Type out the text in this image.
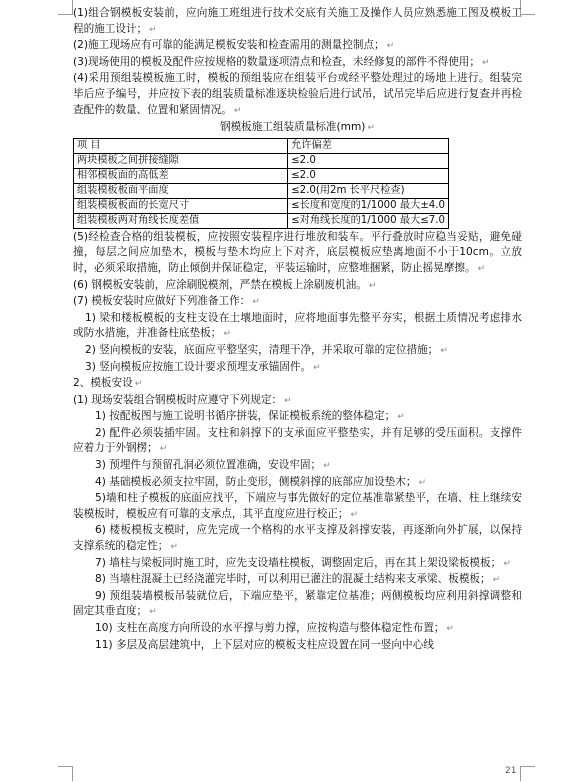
(1)组合钢模板安装前，应向施工班组进行技术交底有关施工及操作人员应熟悉施工图及模板工程的施工设计； ↵

(2)施工现场应有可靠的能满足模板安装和检查需用的测量控制点； ↵

(3)现场使用的模板及配件应按规格的数量逐项清点和检查，未经修复的部件不得使用； ↵

(4)采用预组装模板施工时，模板的预组装应在组装平台或经平整处理过的场地上进行。组装完毕后应予编号，并应按下表的组装质量标准逐块检验后进行试吊，试吊完毕后应进行复查并再检查配件的数量、位置和紧固情况。 ↵

钢模板施工组装质量标准(mm) ↵

项 目	允许偏差
两块模板之间拼接缝隙	≤2.0
相邻模板面的高低差	≤2.0
组装模板板面平面度	≤2.0(用2m 长平尺检查)
组装模板板面的长宽尺寸	≤长度和宽度的1/1000 最大±4.0
组装模板两对角线长度差值	≤对角线长度的1/1000 最大≤7.0

(5)经检查合格的组装模板，应按照安装程序进行堆放和装车。平行叠放时应稳当妥贴，避免碰撞，每层之间应加垫木，模板与垫木均应上下对齐，底层模板应垫离地面不小于10cm。立放时，必须采取措施，防止倾倒并保证稳定，平装运输时，应整堆捆紧，防止摇晃摩擦。 ↵

(6) 钢模板安装前，应涂刷脱模剂，严禁在模板上涂刷废机油。 ↵

(7) 模板安装时应做好下列准备工作： ↵

1) 梁和楼板模板的支柱支设在土壤地面时，应将地面事先整平夯实，根据土质情况考虑排水或防水措施，并准备柱底垫板； ↵

2) 竖向模板的安装，底面应平整坚实，清理干净，并采取可靠的定位措施； ↵

3) 竖向模板应按施工设计要求预埋支承锚固件。 ↵

2、模板安设 ↵

(1) 现场安装组合钢模板时应遵守下列规定： ↵

1) 按配板图与施工说明书循序拼装，保证模板系统的整体稳定； ↵

2) 配件必须装插牢固。支柱和斜撑下的支承面应平整垫实，并有足够的受压面积。支撑件应着力于外钢楞； ↵

3) 预埋件与预留孔洞必须位置准确，安设牢固； ↵

4) 基础模板必须支拉牢固，防止变形，侧模斜撑的底部应加设垫木； ↵

5)墙和柱子模板的底面应找平，下端应与事先做好的定位基准靠紧垫平，在墙、柱上继续安装模板时，模板应有可靠的支承点，其平直度应进行校正； ↵

6) 楼板模板支模时，应先完成一个格构的水平支撑及斜撑安装，再逐渐向外扩展，以保持支撑系统的稳定性； ↵

7) 墙柱与梁板同时施工时，应先支设墙柱模板，调整固定后，再在其上架设梁板模板； ↵

8) 当墙柱混凝土已经浇灌完毕时，可以利用已灌注的混凝土结构来支承梁、板模板； ↵

9) 预组装墙模板吊装就位后，下端应垫平，紧靠定位基准；两侧模板均应利用斜撑调整和固定其垂直度； ↵

10) 支柱在高度方向所设的水平撑与剪力撑，应按构造与整体稳定性布置； ↵

11) 多层及高层建筑中，上下层对应的模板支柱应设置在同一竖向中心线

21
